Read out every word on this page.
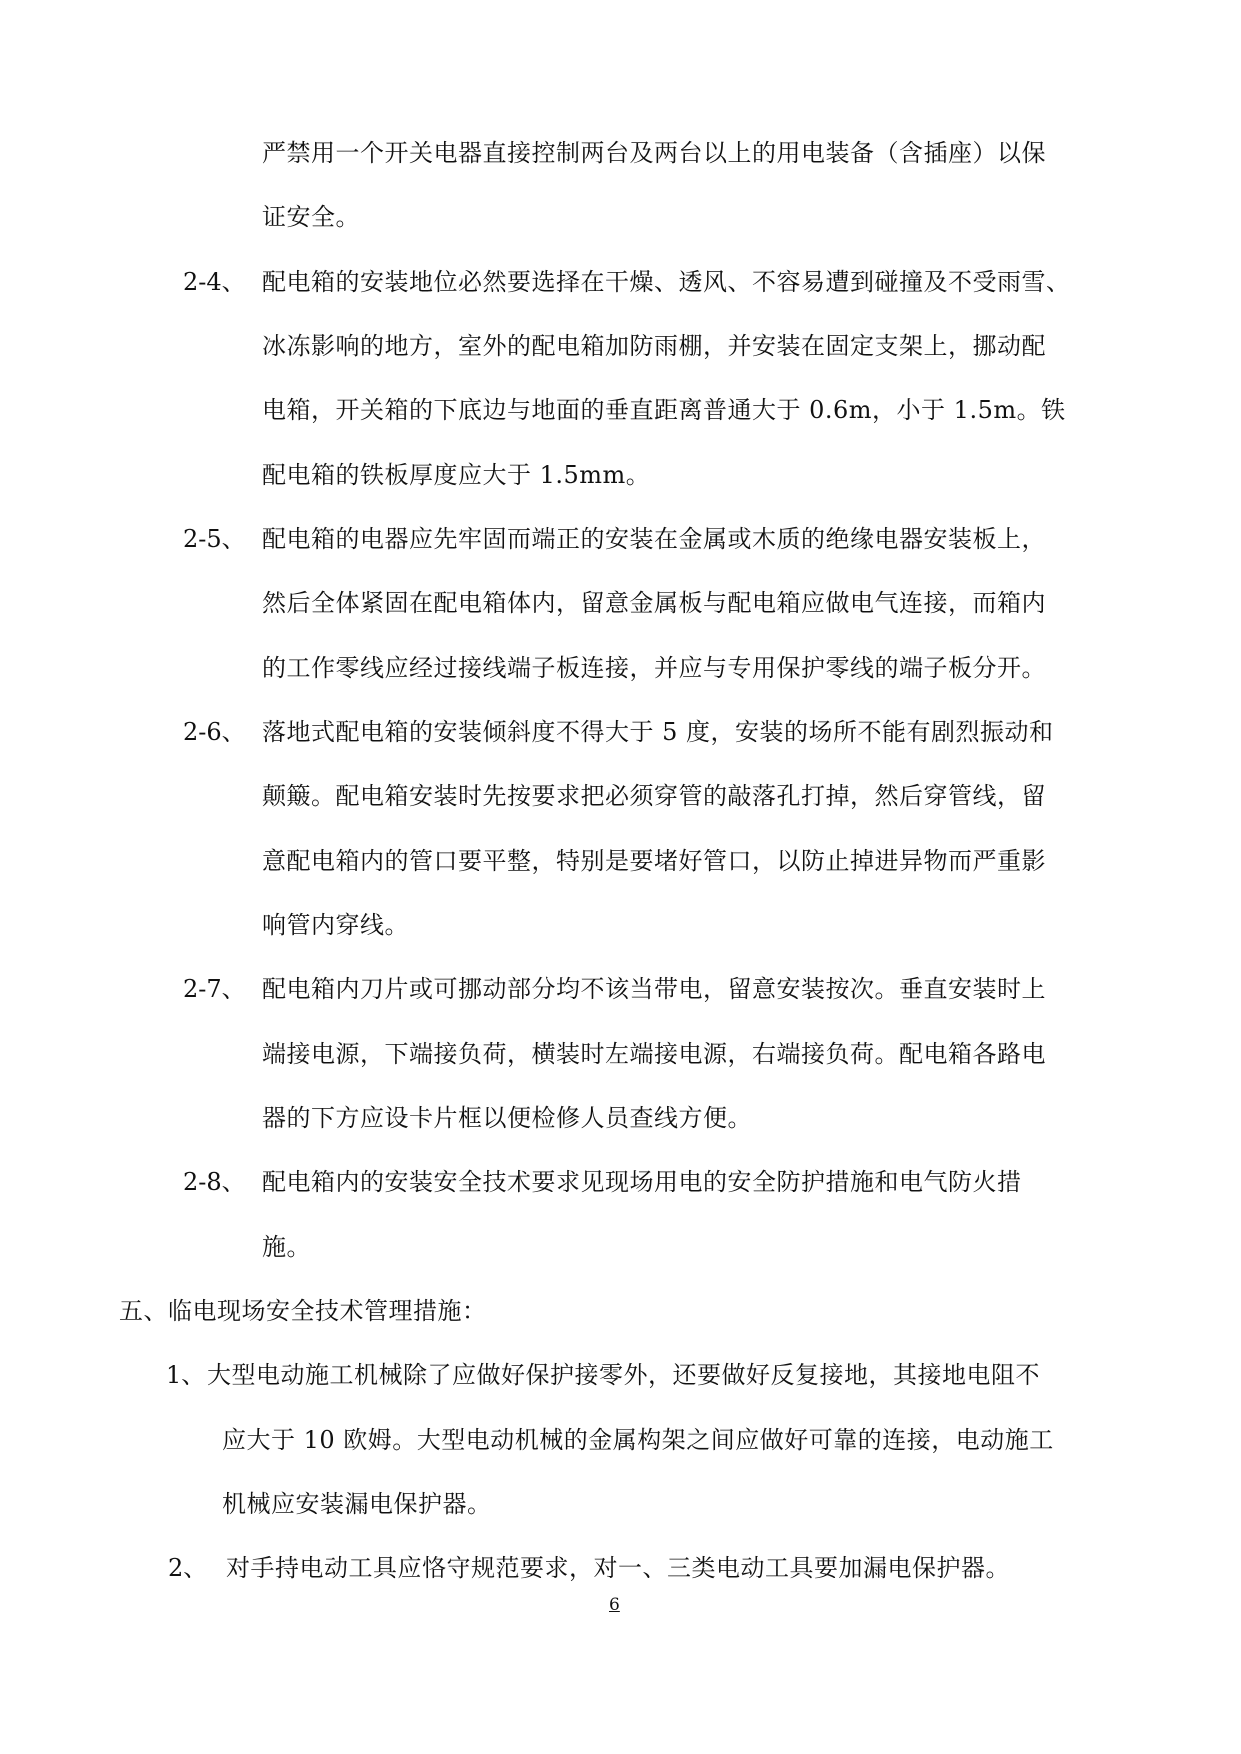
严禁用一个开关电器直接控制两台及两台以上的用电装备（含插座）以保
证安全。
2-4、 配电箱的安装地位必然要选择在干燥、透风、不容易遭到碰撞及不受雨雪、
冰冻影响的地方，室外的配电箱加防雨棚，并安装在固定支架上，挪动配
电箱，开关箱的下底边与地面的垂直距离普通大于 0.6m，小于 1.5m。铁
配电箱的铁板厚度应大于 1.5mm。
2-5、 配电箱的电器应先牢固而端正的安装在金属或木质的绝缘电器安装板上，
然后全体紧固在配电箱体内，留意金属板与配电箱应做电气连接，而箱内
的工作零线应经过接线端子板连接，并应与专用保护零线的端子板分开。
2-6、 落地式配电箱的安装倾斜度不得大于 5 度，安装的场所不能有剧烈振动和
颠簸。配电箱安装时先按要求把必须穿管的敲落孔打掉，然后穿管线，留
意配电箱内的管口要平整，特别是要堵好管口，以防止掉进异物而严重影
响管内穿线。
2-7、 配电箱内刀片或可挪动部分均不该当带电，留意安装按次。垂直安装时上
端接电源，下端接负荷，横装时左端接电源，右端接负荷。配电箱各路电
器的下方应设卡片框以便检修人员查线方便。
2-8、 配电箱内的安装安全技术要求见现场用电的安全防护措施和电气防火措
施。
五、临电现场安全技术管理措施：
1、 大型电动施工机械除了应做好保护接零外，还要做好反复接地，其接地电阻不
应大于 10 欧姆。大型电动机械的金属构架之间应做好可靠的连接，电动施工
机械应安装漏电保护器。
2、 对手持电动工具应恪守规范要求，对一、三类电动工具要加漏电保护器。
6
